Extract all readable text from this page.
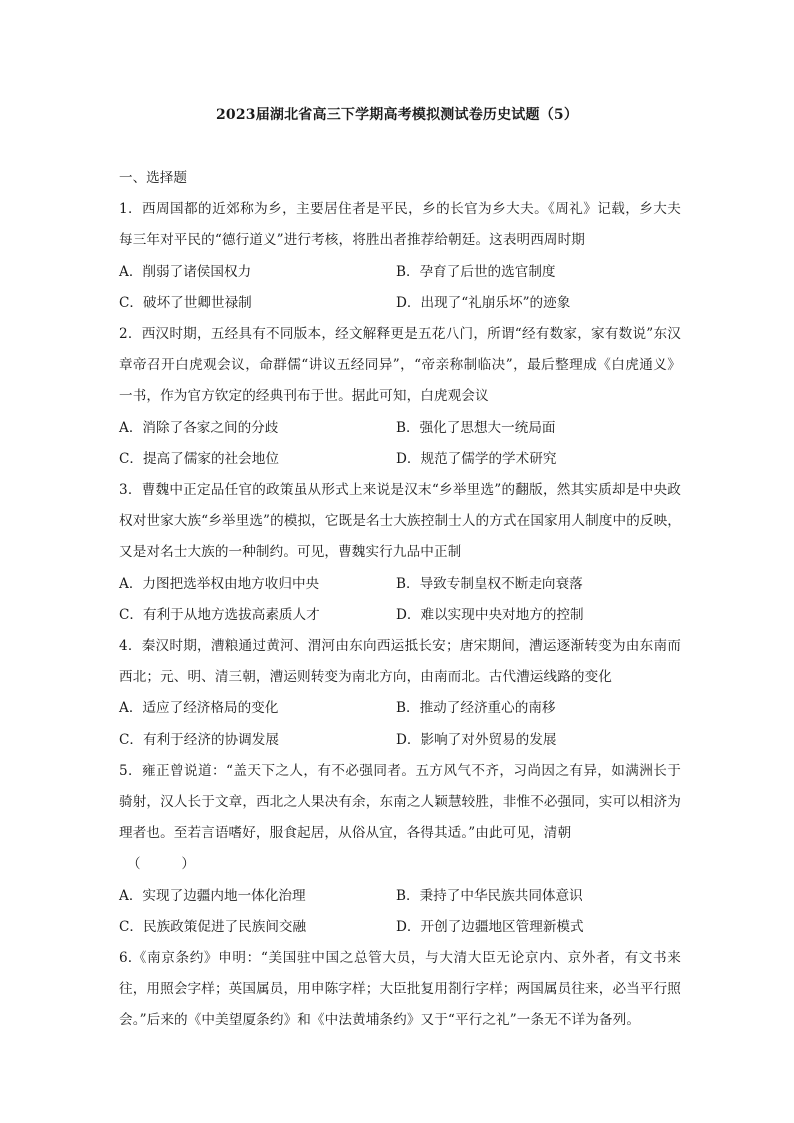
2023届湖北省高三下学期高考模拟测试卷历史试题（5）

一、选择题

1．西周国都的近郊称为乡，主要居住者是平民，乡的长官为乡大夫。《周礼》记载，乡大夫每三年对平民的“德行道义”进行考核，将胜出者推荐给朝廷。这表明西周时期

A．削弱了诸侯国权力	B．孕育了后世的选官制度
C．破坏了世卿世禄制	D．出现了“礼崩乐坏”的迹象

2．西汉时期，五经具有不同版本，经文解释更是五花八门，所谓“经有数家，家有数说”东汉章帝召开白虎观会议，命群儒“讲议五经同异”，“帝亲称制临决”，最后整理成《白虎通义》一书，作为官方钦定的经典刊布于世。据此可知，白虎观会议

A．消除了各家之间的分歧	B．强化了思想大一统局面
C．提高了儒家的社会地位	D．规范了儒学的学术研究

3．曹魏中正定品任官的政策虽从形式上来说是汉末“乡举里选”的翻版，然其实质却是中央政权对世家大族“乡举里选”的模拟，它既是名士大族控制士人的方式在国家用人制度中的反映，又是对名士大族的一种制约。可见，曹魏实行九品中正制

A．力图把选举权由地方收归中央	B．导致专制皇权不断走向衰落
C．有利于从地方选拔高素质人才	D．难以实现中央对地方的控制

4．秦汉时期，漕粮通过黄河、渭河由东向西运抵长安；唐宋期间，漕运逐渐转变为由东南而西北；元、明、清三朝，漕运则转变为南北方向，由南而北。古代漕运线路的变化

A．适应了经济格局的变化	B．推动了经济重心的南移
C．有利于经济的协调发展	D．影响了对外贸易的发展

5．雍正曾说道：“盖天下之人，有不必强同者。五方风气不齐，习尚因之有异，如满洲长于骑射，汉人长于文章，西北之人果决有余，东南之人颖慧较胜，非惟不必强同，实可以相济为理者也。至若言语嗜好，服食起居，从俗从宜，各得其适。”由此可见，清朝

（　　　）

A．实现了边疆内地一体化治理	B．秉持了中华民族共同体意识
C．民族政策促进了民族间交融	D．开创了边疆地区管理新模式

6.《南京条约》申明：“美国驻中国之总管大员，与大清大臣无论京内、京外者，有文书来往，用照会字样；英国属员，用申陈字样；大臣批复用剳行字样；两国属员往来，必当平行照会。”后来的《中美望厦条约》和《中法黄埔条约》又于“平行之礼”一条无不详为备列。
